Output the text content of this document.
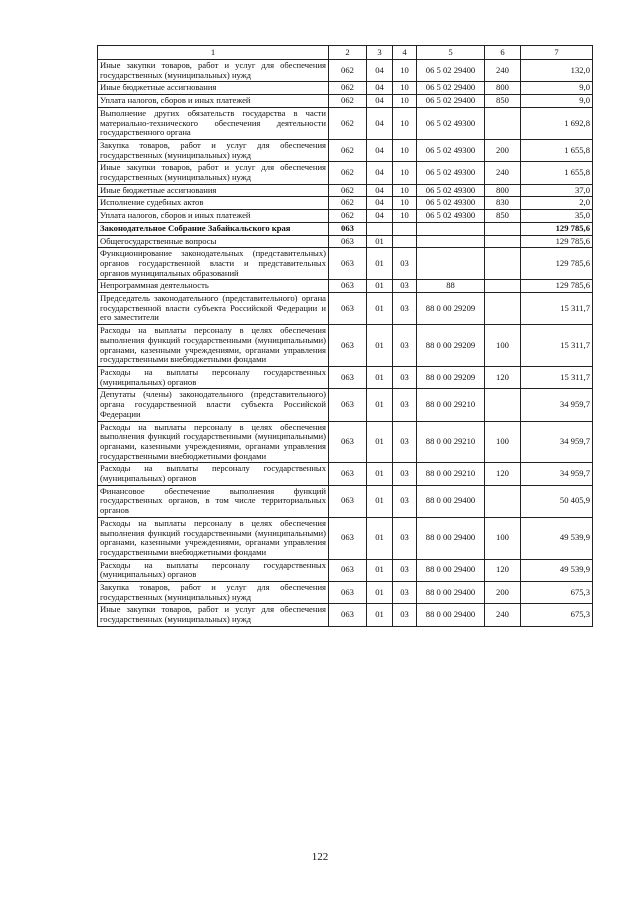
1	2	3	4	5	6	7
Иные закупки товаров, работ и услуг для обеспечения государственных (муниципальных) нужд	062	04	10	06 5 02 29400	240	132,0
Иные бюджетные ассигнования	062	04	10	06 5 02 29400	800	9,0
Уплата налогов, сборов и иных платежей	062	04	10	06 5 02 29400	850	9,0
Выполнение других обязательств государства в части материально-технического обеспечения деятельности государственного органа	062	04	10	06 5 02 49300		1 692,8
Закупка товаров, работ и услуг для обеспечения государственных (муниципальных) нужд	062	04	10	06 5 02 49300	200	1 655,8
Иные закупки товаров, работ и услуг для обеспечения государственных (муниципальных) нужд	062	04	10	06 5 02 49300	240	1 655,8
Иные бюджетные ассигнования	062	04	10	06 5 02 49300	800	37,0
Исполнение судебных актов	062	04	10	06 5 02 49300	830	2,0
Уплата налогов, сборов и иных платежей	062	04	10	06 5 02 49300	850	35,0
Законодательное Собрание Забайкальского края	063					129 785,6
Общегосударственные вопросы	063	01				129 785,6
Функционирование законодательных (представительных) органов государственной власти и представительных органов муниципальных образований	063	01	03			129 785,6
Непрограммная деятельность	063	01	03	88		129 785,6
Председатель законодательного (представительного) органа государственной власти субъекта Российской Федерации и его заместители	063	01	03	88 0 00 29209		15 311,7
Расходы на выплаты персоналу в целях обеспечения выполнения функций государственными (муниципальными) органами, казенными учреждениями, органами управления государственными внебюджетными фондами	063	01	03	88 0 00 29209	100	15 311,7
Расходы на выплаты персоналу государственных (муниципальных) органов	063	01	03	88 0 00 29209	120	15 311,7
Депутаты (члены) законодательного (представительного) органа государственной власти субъекта Российской Федерации	063	01	03	88 0 00 29210		34 959,7
Расходы на выплаты персоналу в целях обеспечения выполнения функций государственными (муниципальными) органами, казенными учреждениями, органами управления государственными внебюджетными фондами	063	01	03	88 0 00 29210	100	34 959,7
Расходы на выплаты персоналу государственных (муниципальных) органов	063	01	03	88 0 00 29210	120	34 959,7
Финансовое обеспечение выполнения функций государственных органов, в том числе территориальных органов	063	01	03	88 0 00 29400		50 405,9
Расходы на выплаты персоналу в целях обеспечения выполнения функций государственными (муниципальными) органами, казенными учреждениями, органами управления государственными внебюджетными фондами	063	01	03	88 0 00 29400	100	49 539,9
Расходы на выплаты персоналу государственных (муниципальных) органов	063	01	03	88 0 00 29400	120	49 539,9
Закупка товаров, работ и услуг для обеспечения государственных (муниципальных) нужд	063	01	03	88 0 00 29400	200	675,3
Иные закупки товаров, работ и услуг для обеспечения государственных (муниципальных) нужд	063	01	03	88 0 00 29400	240	675,3
122
